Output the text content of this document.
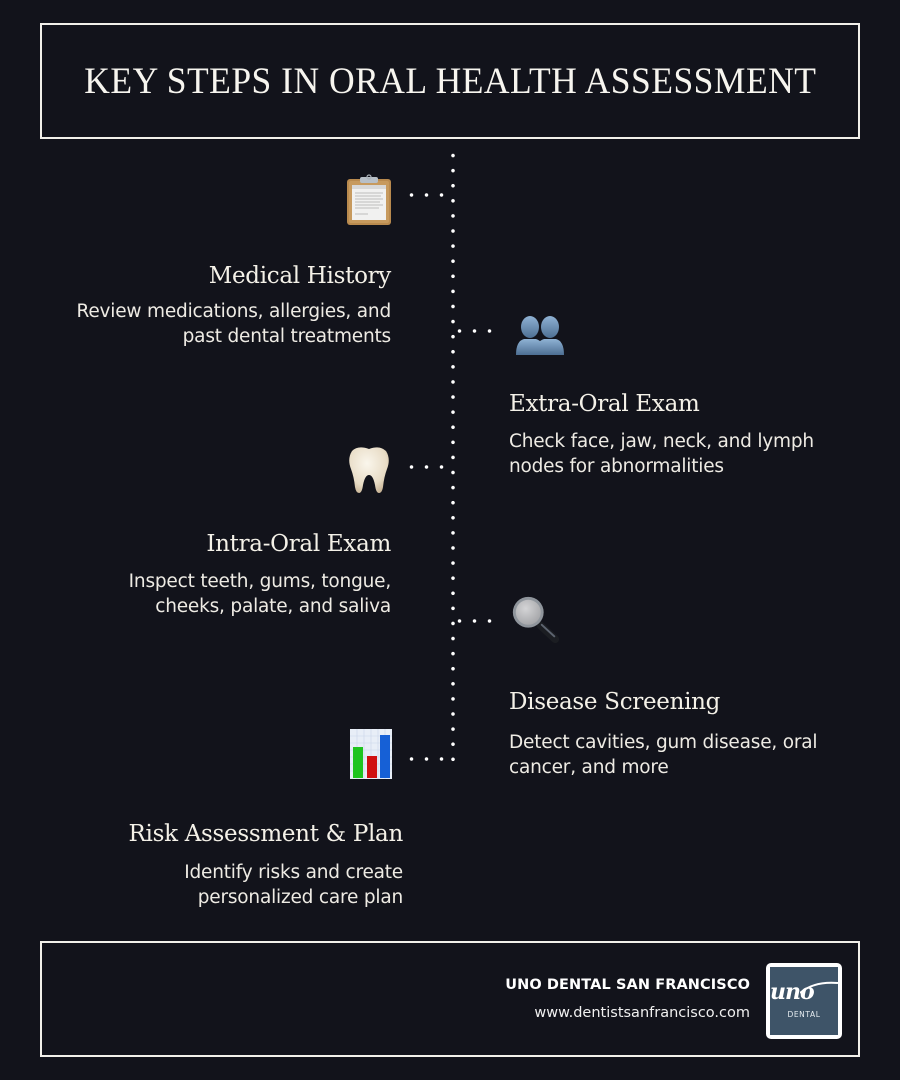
KEY STEPS IN ORAL HEALTH ASSESSMENT
Medical History
Review medications, allergies, and
past dental treatments
Extra-Oral Exam
Check face, jaw, neck, and lymph
nodes for abnormalities
Intra-Oral Exam
Inspect teeth, gums, tongue,
cheeks, palate, and saliva
Disease Screening
Detect cavities, gum disease, oral
cancer, and more
Risk Assessment & Plan
Identify risks and create
personalized care plan
UNO DENTAL SAN FRANCISCO
www.dentistsanfrancisco.com
uno
DENTAL
